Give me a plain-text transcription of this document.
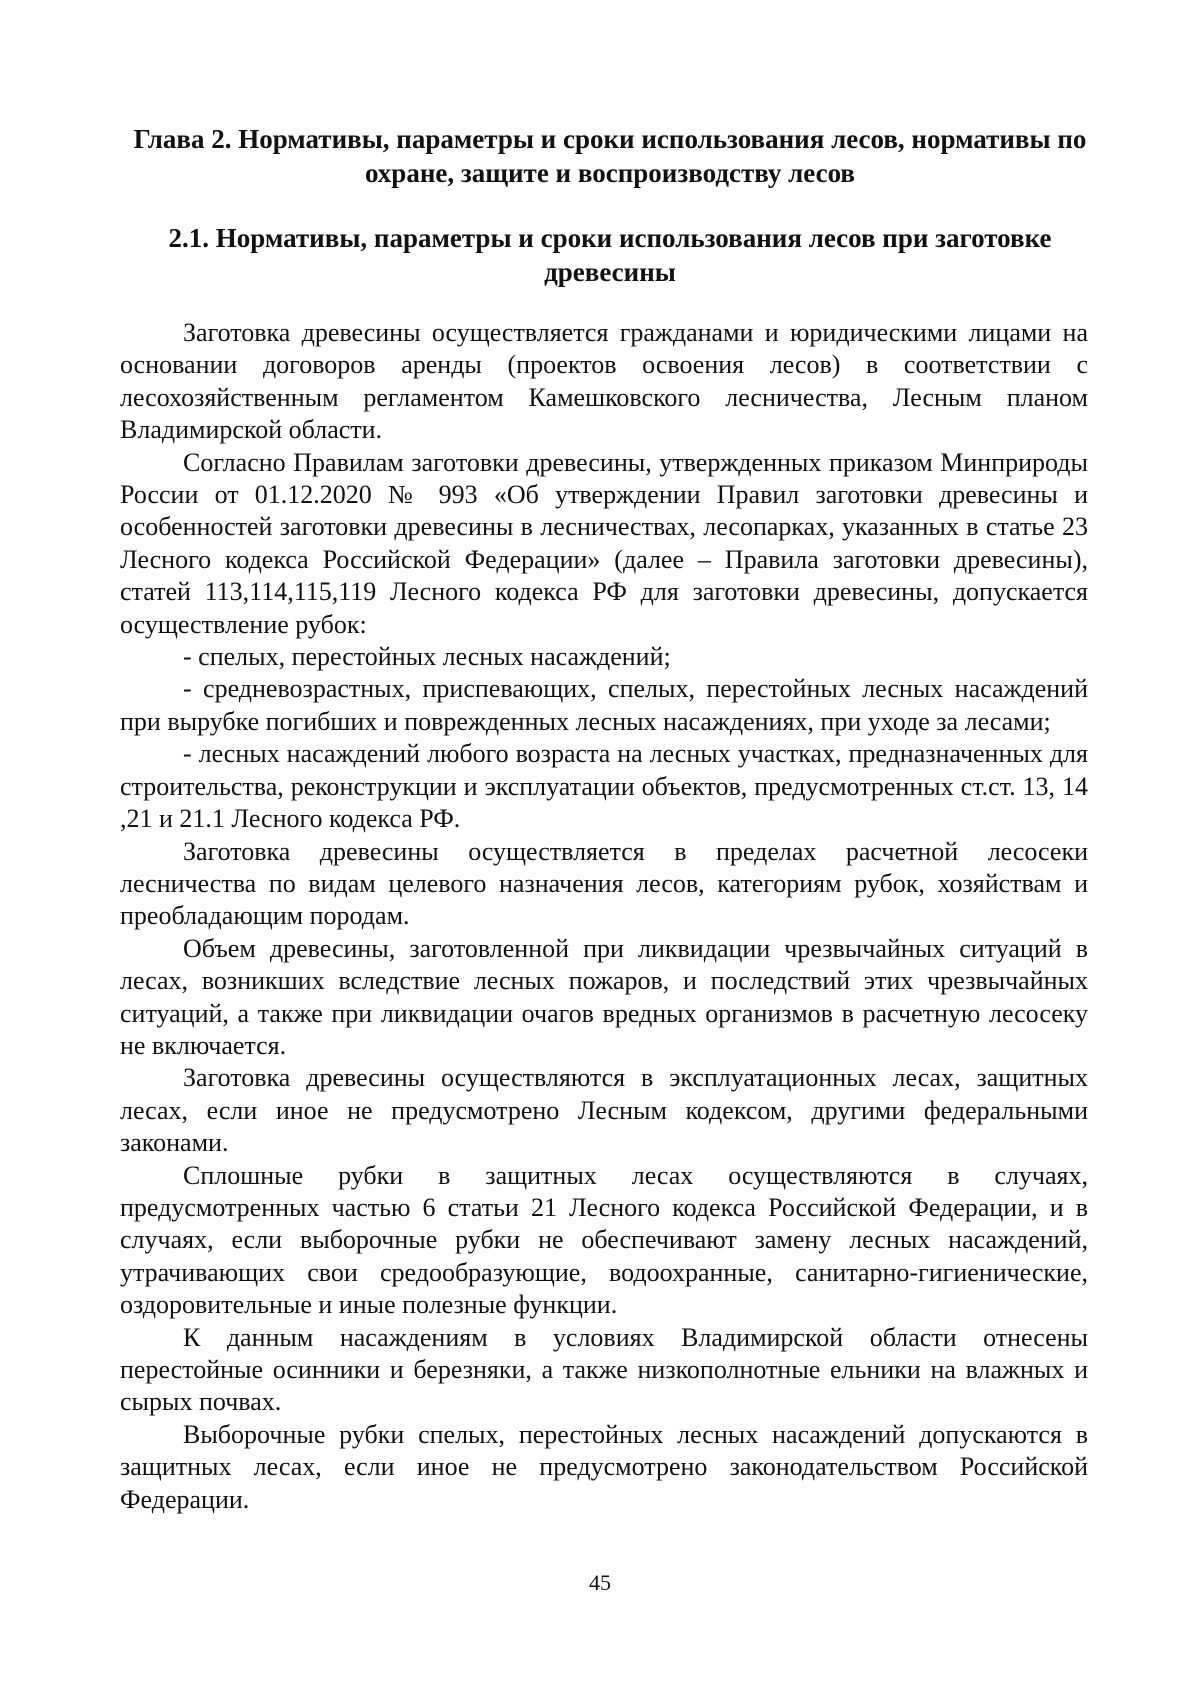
Глава 2. Нормативы, параметры и сроки использования лесов, нормативы по охране, защите и воспроизводству лесов
2.1. Нормативы, параметры и сроки использования лесов при заготовке древесины

Заготовка древесины осуществляется гражданами и юридическими лицами на основании договоров аренды (проектов освоения лесов) в соответствии с лесохозяйственным регламентом Камешковского лесничества, Лесным планом Владимирской области.

Согласно Правилам заготовки древесины, утвержденных приказом Минприроды России от 01.12.2020 № 993 «Об утверждении Правил заготовки древесины и особенностей заготовки древесины в лесничествах, лесопарках, указанных в статье 23 Лесного кодекса Российской Федерации» (далее – Правила заготовки древесины), статей 113,114,115,119 Лесного кодекса РФ для заготовки древесины, допускается осуществление рубок:

- спелых, перестойных лесных насаждений;

- средневозрастных, приспевающих, спелых, перестойных лесных насаждений при вырубке погибших и поврежденных лесных насаждениях, при уходе за лесами;

- лесных насаждений любого возраста на лесных участках, предназначенных для строительства, реконструкции и эксплуатации объектов, предусмотренных ст.ст. 13, 14 ,21 и 21.1 Лесного кодекса РФ.

Заготовка древесины осуществляется в пределах расчетной лесосеки лесничества по видам целевого назначения лесов, категориям рубок, хозяйствам и преобладающим породам.

Объем древесины, заготовленной при ликвидации чрезвычайных ситуаций в лесах, возникших вследствие лесных пожаров, и последствий этих чрезвычайных ситуаций, а также при ликвидации очагов вредных организмов в расчетную лесосеку не включается.

Заготовка древесины осуществляются в эксплуатационных лесах, защитных лесах, если иное не предусмотрено Лесным кодексом, другими федеральными законами.

Сплошные рубки в защитных лесах осуществляются в случаях, предусмотренных частью 6 статьи 21 Лесного кодекса Российской Федерации, и в случаях, если выборочные рубки не обеспечивают замену лесных насаждений, утрачивающих свои средообразующие, водоохранные, санитарно-гигиенические, оздоровительные и иные полезные функции.

К данным насаждениям в условиях Владимирской области отнесены перестойные осинники и березняки, а также низкополнотные ельники на влажных и сырых почвах.

Выборочные рубки спелых, перестойных лесных насаждений допускаются в защитных лесах, если иное не предусмотрено законодательством Российской Федерации.

45
